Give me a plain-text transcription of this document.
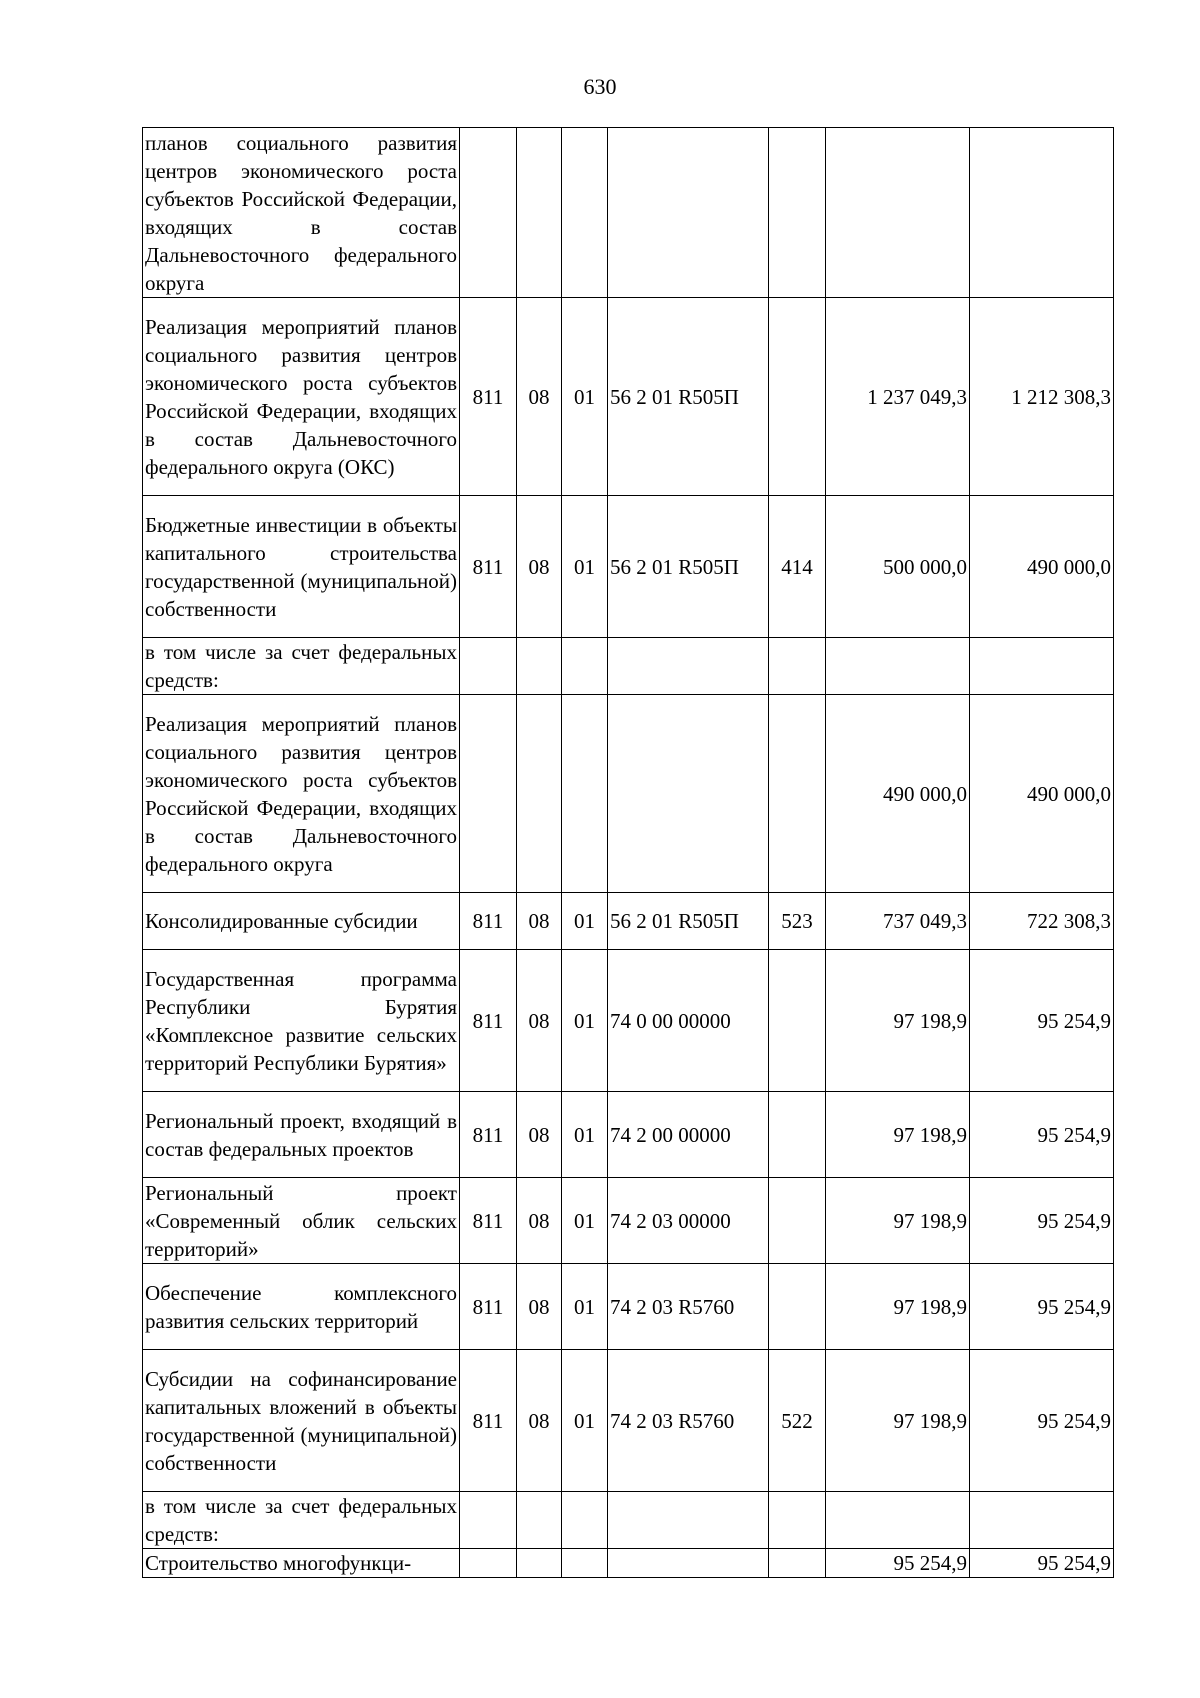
630
планов социального развития центров экономического роста субъектов Российской Федерации, входящих в состав Дальневосточного федерального округа							
Реализация мероприятий планов социального развития центров экономического роста субъектов Российской Федерации, входящих в состав Дальневосточного федерального округа (ОКС)	811	08	01	56 2 01 R505П		1 237 049,3	1 212 308,3
Бюджетные инвестиции в объекты капитального строительства государственной (муниципальной) собственности	811	08	01	56 2 01 R505П	414	500 000,0	490 000,0
в том числе за счет федеральных средств:							
Реализация мероприятий планов социального развития центров экономического роста субъектов Российской Федерации, входящих в состав Дальневосточного федерального округа						490 000,0	490 000,0
Консолидированные субсидии	811	08	01	56 2 01 R505П	523	737 049,3	722 308,3
Государственная программа Республики Бурятия «Комплексное развитие сельских территорий Республики Бурятия»	811	08	01	74 0 00 00000		97 198,9	95 254,9
Региональный проект, входящий в состав федеральных проектов	811	08	01	74 2 00 00000		97 198,9	95 254,9
Региональный проект «Современный облик сельских территорий»	811	08	01	74 2 03 00000		97 198,9	95 254,9
Обеспечение комплексного развития сельских территорий	811	08	01	74 2 03 R5760		97 198,9	95 254,9
Субсидии на софинансирование капитальных вложений в объекты государственной (муниципальной) собственности	811	08	01	74 2 03 R5760	522	97 198,9	95 254,9
в том числе за счет федеральных средств:							
Строительство многофункци-						95 254,9	95 254,9
